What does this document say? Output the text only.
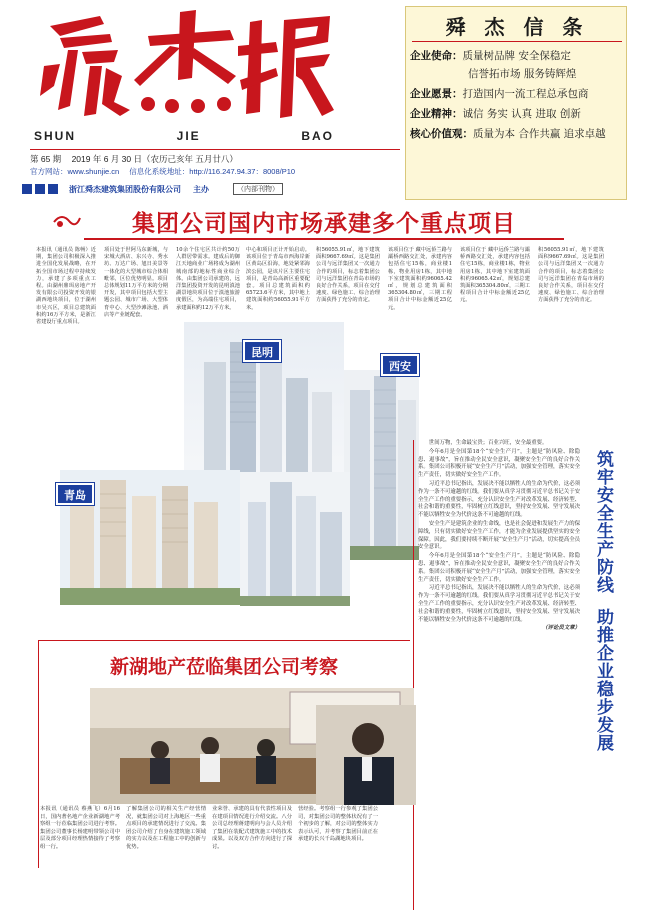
SHUN	JIE	BAO
第 65 期 2019 年 6 月 30 日（农历己亥年 五月廿八）
官方网站：www.shunjie.cn 信息化系统地址：http://116.247.94.37：8008/P10
浙江舜杰建筑集团股份有限公司 主办	（内部刊物）
舜 杰 信 条
企业使命： 质量树品牌 安全保稳定
信誉拓市场 服务铸辉煌
企业愿景： 打造国内一流工程总承包商
企业精神： 诚信 务实 认真 进取 创新
核心价值观： 质量为本 合作共赢 追求卓越
集团公司国内市场承建多个重点项目
本报讯（通讯员 陈畅）近期，集团公司积极深入推进全国化发展战略，在开拓全国市场过程中持续发力，承建了多项重点工程。由湖州鼎珥房地产开发有限公司投资开发的银湖西地块项目，位于湖州市吴兴区，项目总建筑面积约16万平方米，是浙江省建设厅重点项目。
项目处于世阿马东新城，与宋城大酒店、东兴寺、秀水坊、万达广场、旭日美景等一体化的大型城市综合体相毗邻，区位优势明显。项目总体规划11万平方米的分期开发，其中项目包括大型主题公园、城市广场、大型体育中心、大型沙滩泳池、酒店等产业链配套。
10余个住宅区共计约50万人群居带需求。建成后的御江天地商业广场将成为湖州城南部的地标性商业综合体。由集团公司承建的，远洋集团投资开发的昆明滇池湖景地块项目位于滇池旅游度假区，为高端住宅项目，承建面积约12万平方米。
中心和项目正计开始启动。该项目位于青岛市西海岸新区黄岛区沿海，地处紧邻海滨公园，是该片区主要住宅项目，是青岛高新区重要配套。项目总建筑面积约65723.6平方米，其中地上建筑面积约56055.91平方米。
积56055.91㎡，地下建筑面积9667.69㎡。这是集团公司与远洋集团又一次通力合作的项目，标志着集团公司与远洋集团在青岛市场的良好合作关系，项目在交付速度、绿色施工、综合治理方面获得了充分的肯定。
该项目位于 藏中远侨兰路与灞桥西路交汇处，承建内容包括住宅15栋，商业楼1栋，物业用房1栋，其中地下室建筑面积约96065.42㎡，规划总建筑面积365304.80㎡，三期工程项目合计中标金额近25亿元。
该项目位于 藏中远侨兰路与灞桥西路交汇处，承建内容包括住宅15栋，商业楼1栋，物业用房1栋，其中地下室建筑面积约96065.42㎡，规划总建筑面积365304.80㎡，三期工程项目合计中标金额近25亿元。
积56055.91㎡，地下建筑面积9667.69㎡。这是集团公司与远洋集团又一次通力合作的项目，标志着集团公司与远洋集团在青岛市场的良好合作关系，项目在交付速度、绿色施工、综合治理方面获得了充分的肯定。
昆明
西安
青岛

世间万物，生命最宝贵；百业兴旺，安全最重要。

今年6月是全国第18个“安全生产月”，主题是“防风险、除隐患、遏事故”，旨在推动全民安全意识，凝聚安全生产的良好合作关系。集团公司积极开展“安全生产月”活动，加强安全管理，落实安全生产责任，切实做好安全生产工作。

习近平总书记指出，发展决不能以牺牲人的生命为代价，这必须作为一条不可逾越的红线。我们要从真学习贯彻习近平总书记关于安全生产工作的重要指示，充分认识安全生产对改革发展、经济转型、社会和谐的重要性，牢固树立红线意识，坚持安全发展、坚守发展决不能以牺牲安全为代价这条不可逾越的红线。

安全生产是建筑企业的生命线，也是社会促进和发展生产力的保障线，只有切实做好安全生产工作，才能为企业发展提供坚实的安全保障。因此，我们要持续不断开展“安全生产月”活动，切实提高全员安全意识。

今年6月是全国第18个“安全生产月”，主题是“防风险、除隐患、遏事故”，旨在推动全民安全意识，凝聚安全生产的良好合作关系。集团公司积极开展“安全生产月”活动，加强安全管理，落实安全生产责任，切实做好安全生产工作。

习近平总书记指出，发展决不能以牺牲人的生命为代价，这必须作为一条不可逾越的红线。我们要从真学习贯彻习近平总书记关于安全生产工作的重要指示，充分认识安全生产对改革发展、经济转型、社会和谐的重要性，牢固树立红线意识，坚持安全发展、坚守发展决不能以牺牲安全为代价这条不可逾越的红线。

（评论员文章）
筑牢安全生产防线
助推企业稳步发展
新湖地产莅临集团公司考察
本报讯（通讯员 蔡燕飞）6月16日，国内著名地产企业新湖地产考察组一行莅临集团公司进行考察。集团公司董事长杨建明带领公司中层及部分项目经理热情接待了考察组一行。
了解集团公司的相关生产经营情况，就集团公司对上海地区一些重点项目的承建情况进行了交流。集团公司介绍了自身在建筑施工领域的实力以及在工程施工中的创新与优势。
业荣誉、承建的具有代表性项目及在建项目情况进行介绍交流。八分公司总经理蒋建明向与会人员介绍了集团在装配式建筑施工中的技术成果。以及双方合作方向进行了探讨。
营经验。考察组一行参观了集团公司，对集团公司的整体状况有了一个初步的了解，对公司的整体实力表示认可，并考察了集团目前正在承建的长兴千岛湖地块项目。
